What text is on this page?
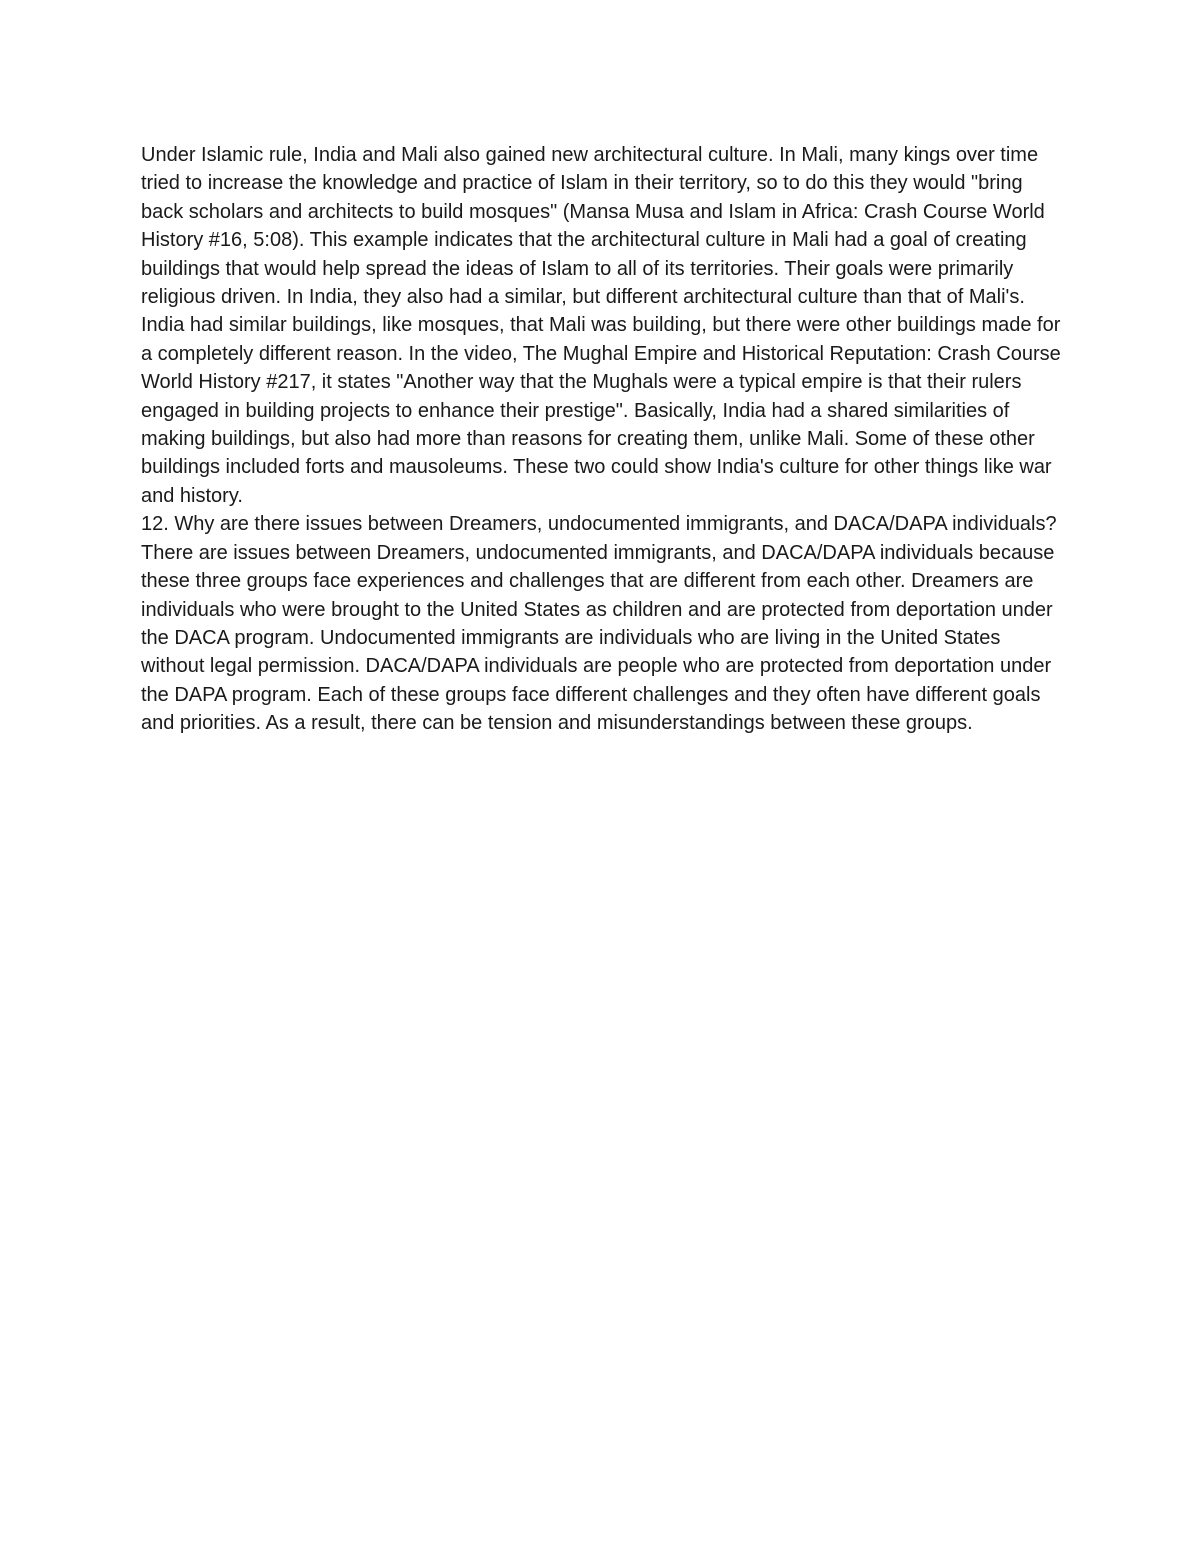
Under Islamic rule, India and Mali also gained new architectural culture. In Mali, many kings over time tried to increase the knowledge and practice of Islam in their territory, so to do this they would "bring back scholars and architects to build mosques" (Mansa Musa and Islam in Africa: Crash Course World History #16, 5:08). This example indicates that the architectural culture in Mali had a goal of creating buildings that would help spread the ideas of Islam to all of its territories. Their goals were primarily religious driven. In India, they also had a similar, but different architectural culture than that of Mali's. India had similar buildings, like mosques, that Mali was building, but there were other buildings made for a completely different reason. In the video, The Mughal Empire and Historical Reputation: Crash Course World History #217, it states "Another way that the Mughals were a typical empire is that their rulers engaged in building projects to enhance their prestige". Basically, India had a shared similarities of making buildings, but also had more than reasons for creating them, unlike Mali. Some of these other buildings included forts and mausoleums. These two could show India's culture for other things like war and history.

12. Why are there issues between Dreamers, undocumented immigrants, and DACA/DAPA individuals?

There are issues between Dreamers, undocumented immigrants, and DACA/DAPA individuals because these three groups face experiences and challenges that are different from each other. Dreamers are individuals who were brought to the United States as children and are protected from deportation under the DACA program. Undocumented immigrants are individuals who are living in the United States without legal permission. DACA/DAPA individuals are people who are protected from deportation under the DAPA program. Each of these groups face different challenges and they often have different goals and priorities. As a result, there can be tension and misunderstandings between these groups.
